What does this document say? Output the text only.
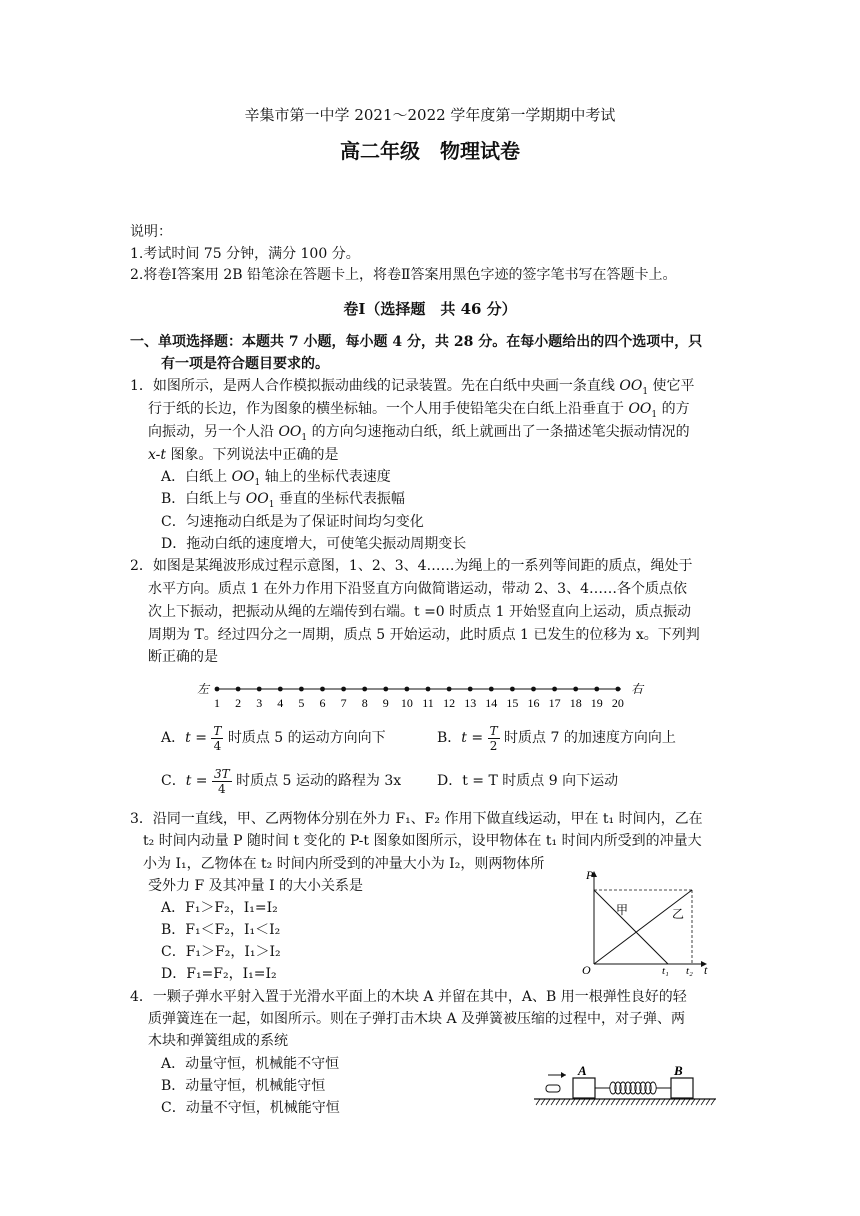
辛集市第一中学 2021～2022 学年度第一学期期中考试
高二年级　物理试卷
说明：
1.考试时间 75 分钟，满分 100 分。
2.将卷Ⅰ答案用 2B 铅笔涂在答题卡上，将卷Ⅱ答案用黑色字迹的签字笔书写在答题卡上。
卷Ⅰ（选择题　共 46 分）
一、单项选择题：本题共 7 小题，每小题 4 分，共 28 分。在每小题给出的四个选项中，只
有一项是符合题目要求的。
1．如图所示，是两人合作模拟振动曲线的记录装置。先在白纸中央画一条直线 $OO_1$ 使它平
行于纸的长边，作为图象的横坐标轴。一个人用手使铅笔尖在白纸上沿垂直于 $OO_1$ 的方
向振动，另一个人沿 $OO_1$ 的方向匀速拖动白纸，纸上就画出了一条描述笔尖振动情况的
x-t 图象。下列说法中正确的是
A．白纸上 $OO_1$ 轴上的坐标代表速度
B．白纸上与 $OO_1$ 垂直的坐标代表振幅
C．匀速拖动白纸是为了保证时间均匀变化
D．拖动白纸的速度增大，可使笔尖振动周期变长
2．如图是某绳波形成过程示意图，1、2、3、4……为绳上的一系列等间距的质点，绳处于
水平方向。质点 1 在外力作用下沿竖直方向做简谐运动，带动 2、3、4……各个质点依
次上下振动，把振动从绳的左端传到右端。t =0 时质点 1 开始竖直向上运动，质点振动
周期为 T。经过四分之一周期，质点 5 开始运动，此时质点 1 已发生的位移为 x。下列判
断正确的是
左	右
1 2 3 4 5 6 7 8 9 10 11 12 13 14 15 16 17 18 19 20
A．$t = \frac{T}{4}$ 时质点 5 的运动方向向下	B．$t = \frac{T}{2}$ 时质点 7 的加速度方向向上
C．$t = \frac{3T}{4}$ 时质点 5 运动的路程为 3x	D．t = T 时质点 9 向下运动
3．沿同一直线，甲、乙两物体分别在外力 F₁、F₂ 作用下做直线运动，甲在 t₁ 时间内，乙在
t₂ 时间内动量 P 随时间 t 变化的 P-t 图象如图所示，设甲物体在 t₁ 时间内所受到的冲量大
小为 I₁，乙物体在 t₂ 时间内所受到的冲量大小为 I₂，则两物体所
受外力 F 及其冲量 I 的大小关系是
A．F₁＞F₂，I₁=I₂
B．F₁＜F₂，I₁＜I₂
C．F₁＞F₂，I₁＞I₂
D．F₁=F₂，I₁=I₂
P
t
O	t₁ t₂
甲	乙
4．一颗子弹水平射入置于光滑水平面上的木块 A 并留在其中，A、B 用一根弹性良好的轻
质弹簧连在一起，如图所示。则在子弹打击木块 A 及弹簧被压缩的过程中，对子弹、两
木块和弹簧组成的系统
A．动量守恒，机械能不守恒
B．动量守恒，机械能守恒
C．动量不守恒，机械能守恒
A	B
